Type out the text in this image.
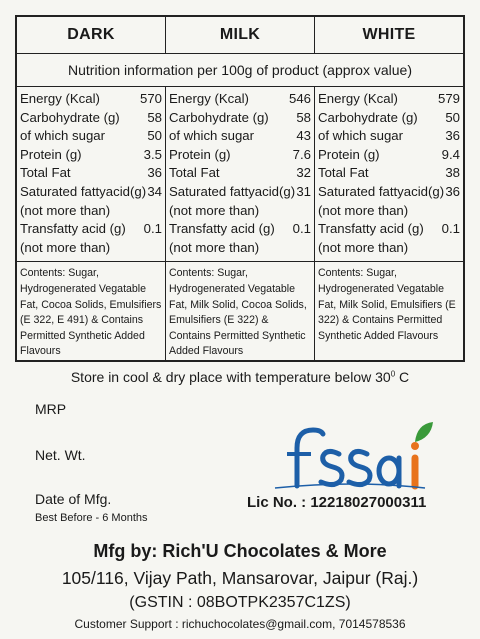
DARK	MILK	WHITE
Nutrition information per 100g of product (approx value)
Energy (Kcal)	570
Carbohydrate (g) 58
of which sugar	50
Protein (g)	3.5
Total Fat	36
Saturated fattyacid(g) 34
(not more than)
Transfatty acid (g) 0.1
(not more than)
Energy (Kcal)	546
Carbohydrate (g) 58
of which sugar	43
Protein (g)	7.6
Total Fat	32
Saturated fattyacid(g) 31
(not more than)
Transfatty acid (g) 0.1
(not more than)
Energy (Kcal)	579
Carbohydrate (g) 50
of which sugar	36
Protein (g)	9.4
Total Fat	38
Saturated fattyacid(g) 36
(not more than)
Transfatty acid (g) 0.1
(not more than)
Contents: Sugar, Hydrogenerated Vegatable Fat, Cocoa Solids, Emulsifiers (E 322, E 491) & Contains Permitted Synthetic Added Flavours
Contents: Sugar, Hydrogenerated Vegatable Fat, Milk Solid, Cocoa Solids, Emulsifiers (E 322) & Contains Permitted Synthetic Added Flavours
Contents: Sugar, Hydrogenerated Vegatable Fat, Milk Solid, Emulsifiers (E 322) & Contains Permitted Synthetic Added Flavours
Store in cool & dry place with temperature below $30^0$ C
MRP
Net. Wt.
Date of Mfg.
Best Before - 6 Months
Lic No. : 12218027000311
Mfg by: Rich'U Chocolates & More
105/116, Vijay Path, Mansarovar, Jaipur (Raj.)
(GSTIN : 08BOTPK2357C1ZS)
Customer Support : richuchocolates@gmail.com, 7014578536
